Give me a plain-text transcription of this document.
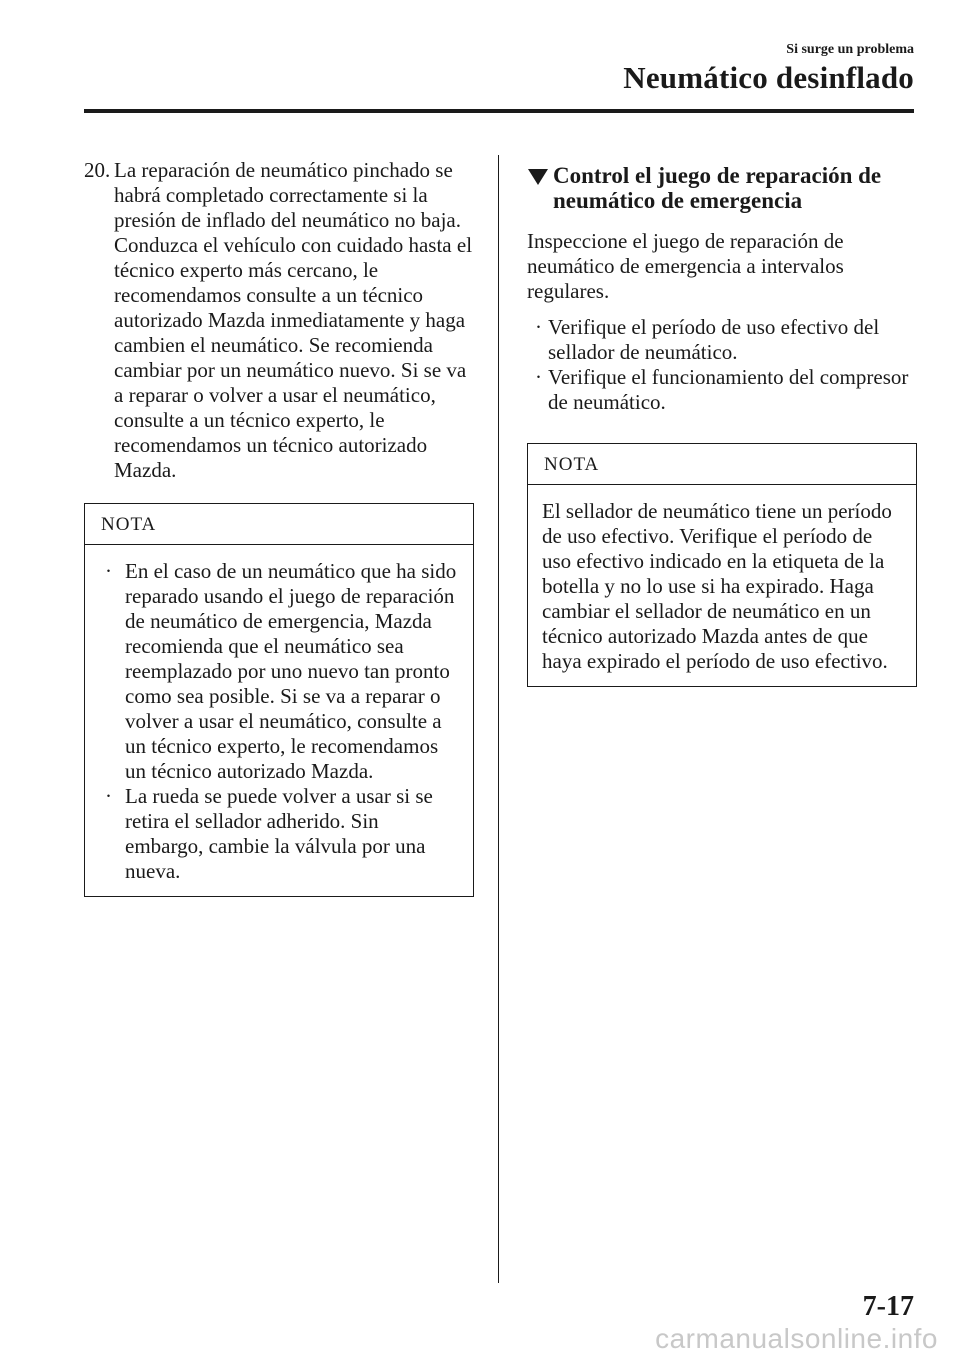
Si surge un problema
Neumático desinflado
20. La reparación de neumático pinchado se habrá completado correctamente si la presión de inflado del neumático no baja. Conduzca el vehículo con cuidado hasta el técnico experto más cercano, le recomendamos consulte a un técnico autorizado Mazda inmediatamente y haga cambien el neumático. Se recomienda cambiar por un neumático nuevo. Si se va a reparar o volver a usar el neumático, consulte a un técnico experto, le recomendamos un técnico autorizado Mazda.
NOTA
· En el caso de un neumático que ha sido reparado usando el juego de reparación de neumático de emergencia, Mazda recomienda que el neumático sea reemplazado por uno nuevo tan pronto como sea posible. Si se va a reparar o volver a usar el neumático, consulte a un técnico experto, le recomendamos un técnico autorizado Mazda.
· La rueda se puede volver a usar si se retira el sellador adherido. Sin embargo, cambie la válvula por una nueva.
Control el juego de reparación de neumático de emergencia
Inspeccione el juego de reparación de neumático de emergencia a intervalos regulares.
· Verifique el período de uso efectivo del sellador de neumático.
· Verifique el funcionamiento del compresor de neumático.
NOTA
El sellador de neumático tiene un período de uso efectivo. Verifique el período de uso efectivo indicado en la etiqueta de la botella y no lo use si ha expirado. Haga cambiar el sellador de neumático en un técnico autorizado Mazda antes de que haya expirado el período de uso efectivo.
7-17
carmanualsonline.info
